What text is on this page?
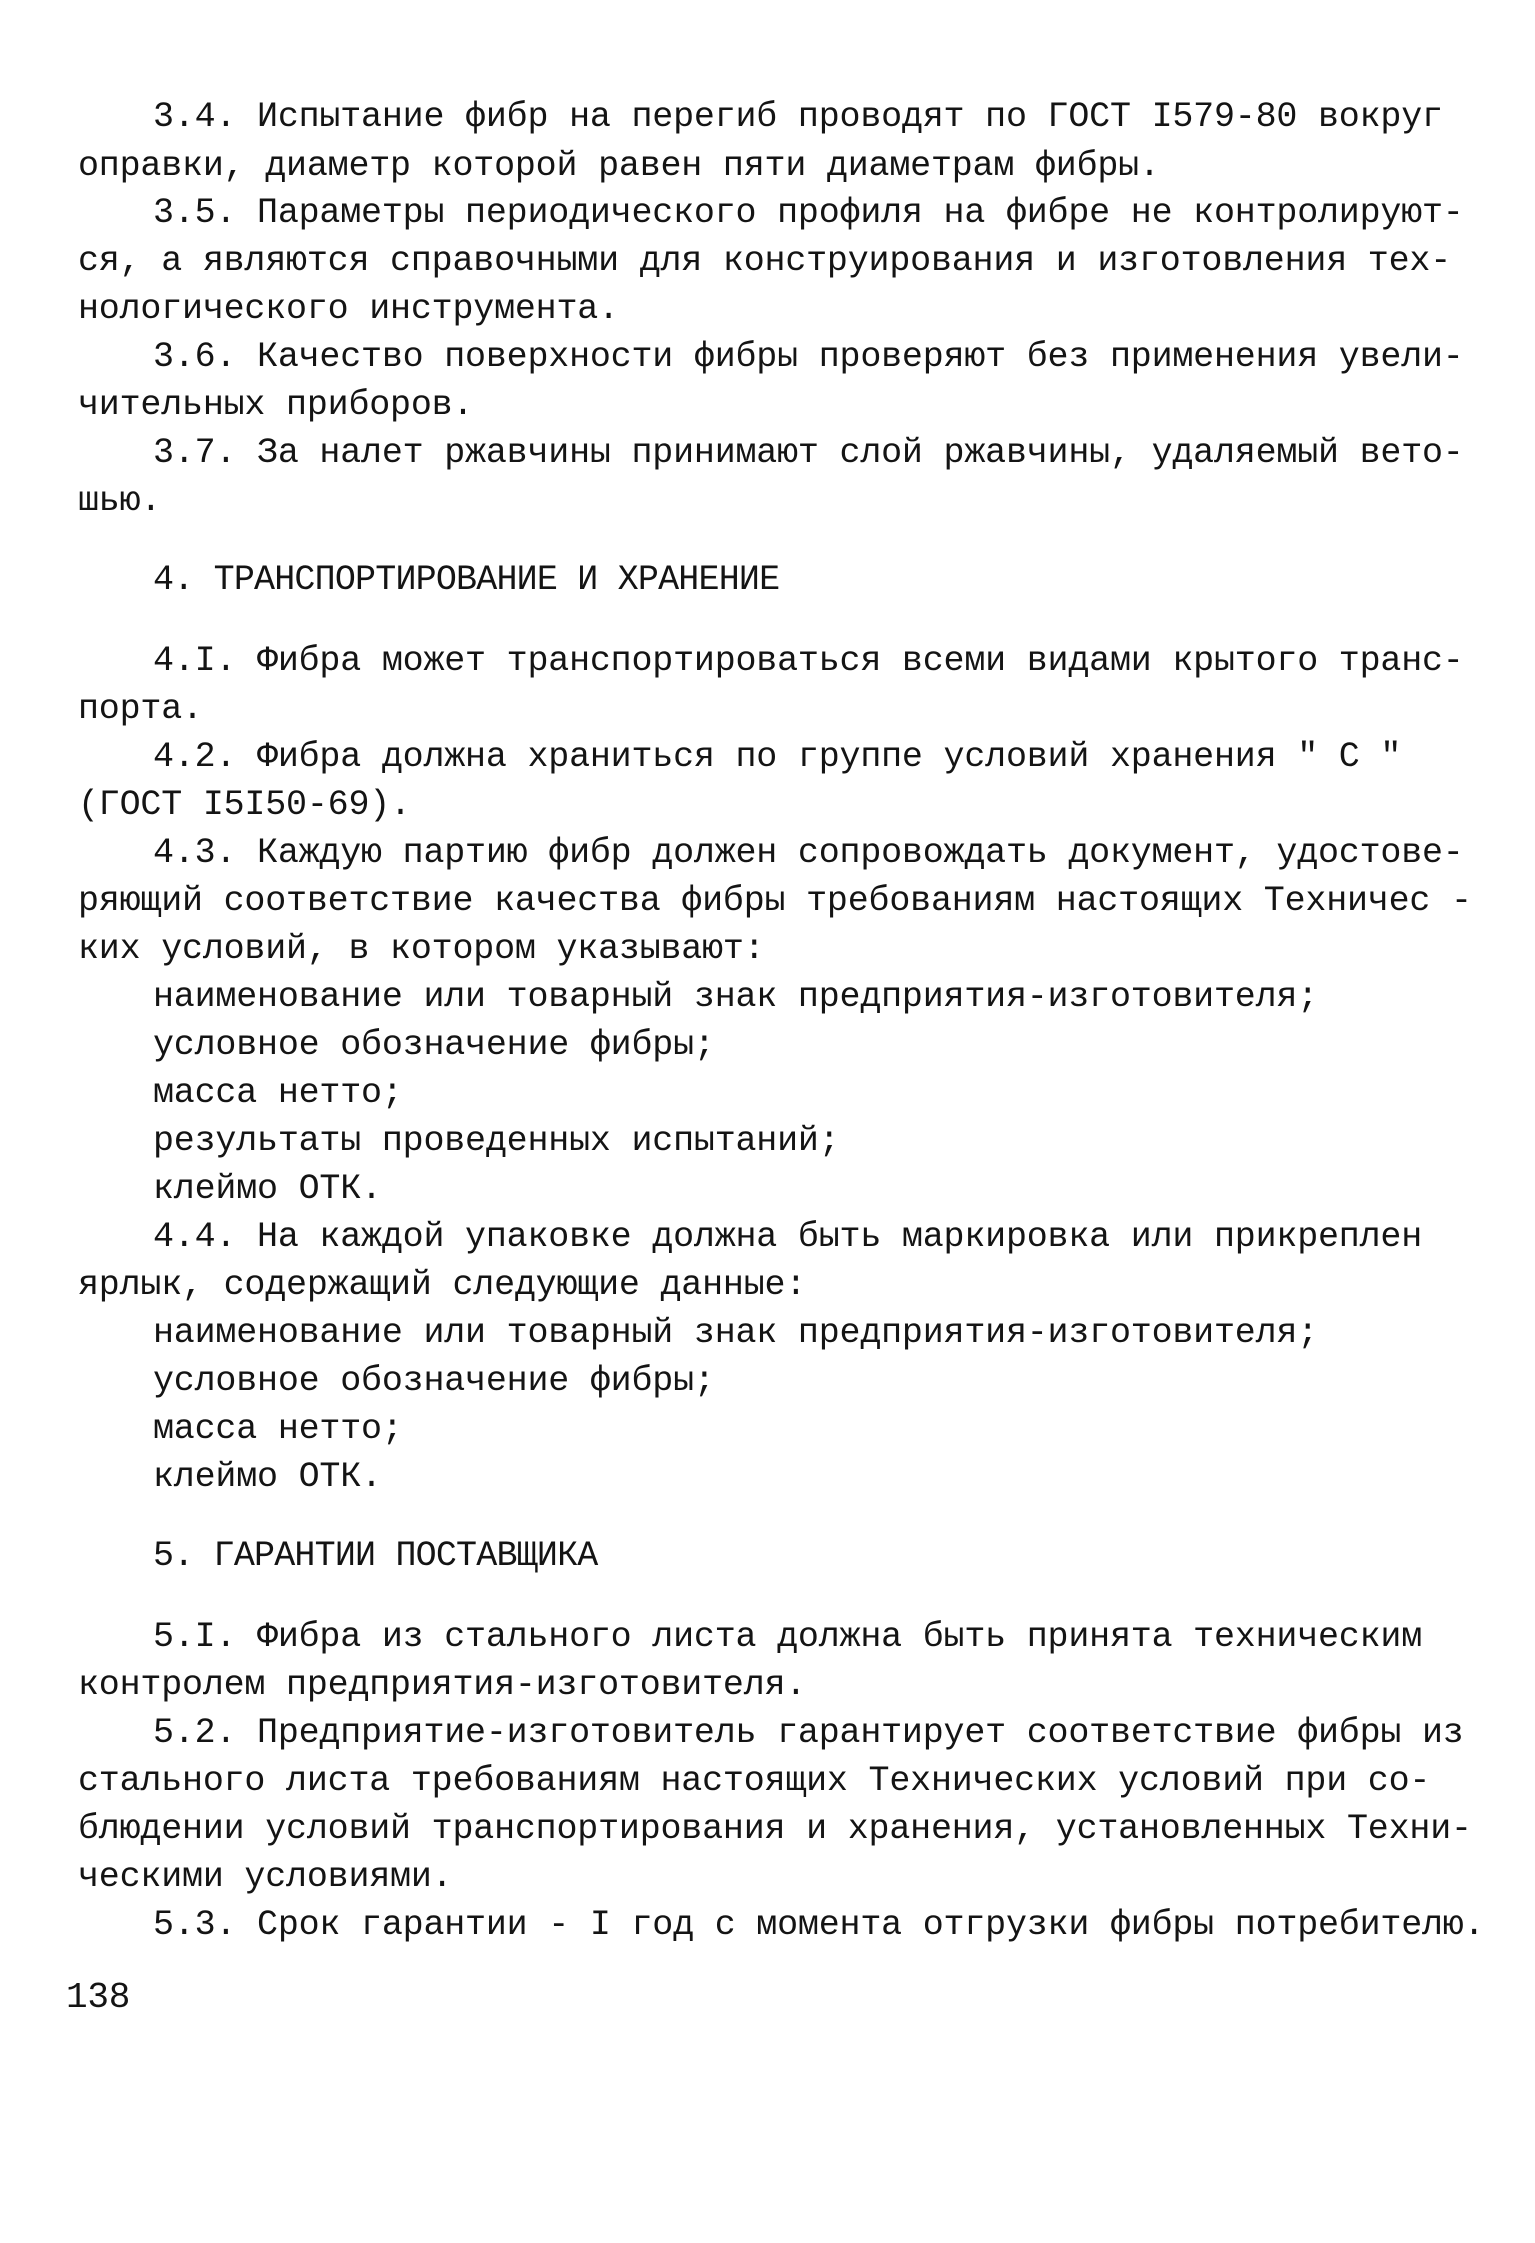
3.4. Испытание фибр на перегиб проводят по ГОСТ I579-80 вокруг
оправки, диаметр которой равен пяти диаметрам фибры.
3.5. Параметры периодического профиля на фибре не контролируют-
ся, а являются справочными для конструирования и изготовления тех-
нологического инструмента.
3.6. Качество поверхности фибры проверяют без применения увели-
чительных приборов.
3.7. За налет ржавчины принимают слой ржавчины, удаляемый вето-
шью.
4. ТРАНСПОРТИРОВАНИЕ И ХРАНЕНИЕ
4.I. Фибра может транспортироваться всеми видами крытого транс-
порта.
4.2. Фибра должна храниться по группе условий хранения " С "
(ГОСТ I5I50-69).
4.3. Каждую партию фибр должен сопровождать документ, удостове-
ряющий соответствие качества фибры требованиям настоящих Техничес -
ких условий, в котором указывают:
наименование или товарный знак предприятия-изготовителя;
условное обозначение фибры;
масса нетто;
результаты проведенных испытаний;
клеймо ОТК.
4.4. На каждой упаковке должна быть маркировка или прикреплен
ярлык, содержащий следующие данные:
наименование или товарный знак предприятия-изготовителя;
условное обозначение фибры;
масса нетто;
клеймо ОТК.
5. ГАРАНТИИ ПОСТАВЩИКА
5.I. Фибра из стального листа должна быть принята техническим
контролем предприятия-изготовителя.
5.2. Предприятие-изготовитель гарантирует соответствие фибры из
стального листа требованиям настоящих Технических условий при со-
блюдении условий транспортирования и хранения, установленных Техни-
ческими условиями.
5.3. Срок гарантии - I год с момента отгрузки фибры потребителю.
138
